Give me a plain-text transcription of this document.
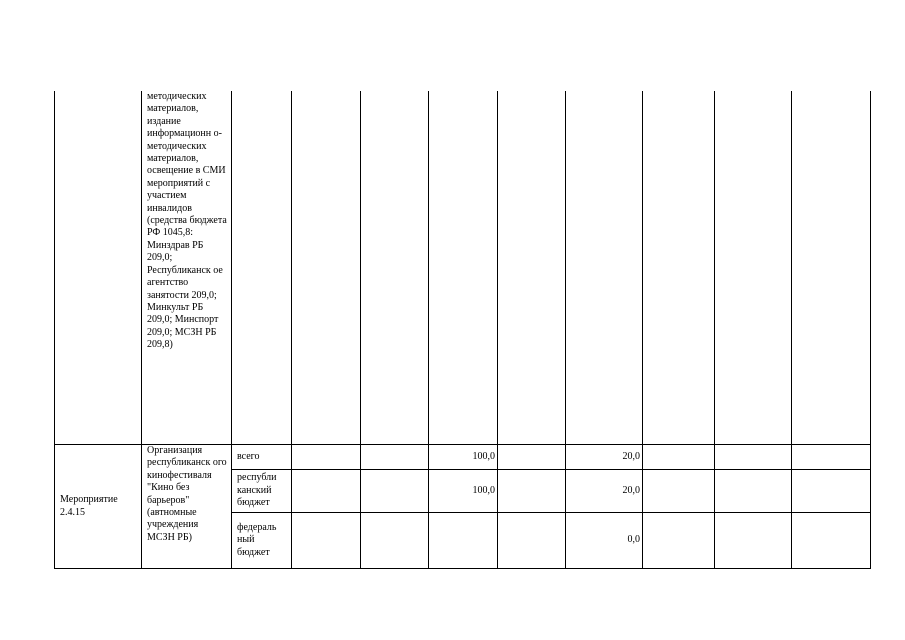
	методических материалов, издание информационн о-методических материалов, освещение в СМИ мероприятий с участием инвалидов (средства бюджета РФ 1045,8: Минздрав РБ 209,0; Республиканск ое агентство занятости 209,0; Минкульт РБ 209,0; Минспорт 209,0; МСЗН РБ 209,8)									
Мероприятие 2.4.15	Организация республиканск ого кинофестиваля "Кино без барьеров" (автномные учреждения МСЗН РБ)	всего			100,0		20,0			
		республи канский бюджет			100,0		20,0			
		федераль ный бюджет					0,0			
